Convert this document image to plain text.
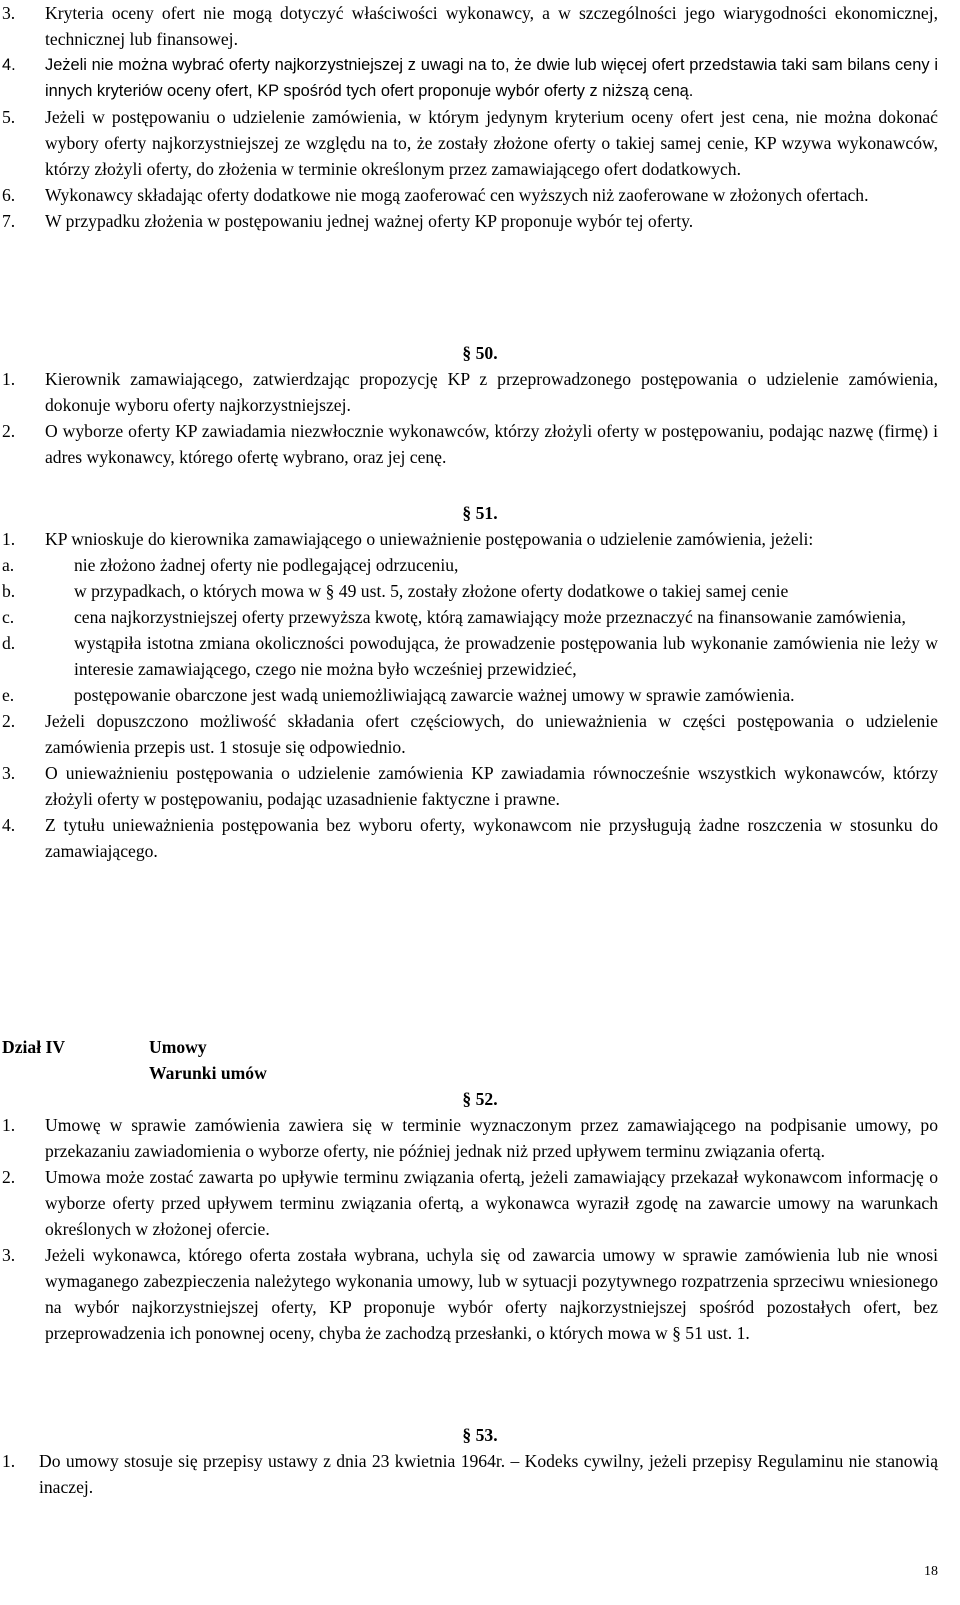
3. Kryteria oceny ofert nie mogą dotyczyć właściwości wykonawcy, a w szczególności jego wiarygodności ekonomicznej, technicznej lub finansowej.
4. Jeżeli nie można wybrać oferty najkorzystniejszej z uwagi na to, że dwie lub więcej ofert przedstawia taki sam bilans ceny i innych kryteriów oceny ofert, KP spośród tych ofert proponuje wybór oferty z niższą ceną.
5. Jeżeli w postępowaniu o udzielenie zamówienia, w którym jedynym kryterium oceny ofert jest cena, nie można dokonać wybory oferty najkorzystniejszej ze względu na to, że zostały złożone oferty o takiej samej cenie, KP wzywa wykonawców, którzy złożyli oferty, do złożenia w terminie określonym przez zamawiającego ofert dodatkowych.
6. Wykonawcy składając oferty dodatkowe nie mogą zaoferować cen wyższych niż zaoferowane w złożonych ofertach.
7. W przypadku złożenia w postępowaniu jednej ważnej oferty KP proponuje wybór tej oferty.
§ 50.
1. Kierownik zamawiającego, zatwierdzając propozycję KP z przeprowadzonego postępowania o udzielenie zamówienia, dokonuje wyboru oferty najkorzystniejszej.
2. O wyborze oferty KP zawiadamia niezwłocznie wykonawców, którzy złożyli oferty w postępowaniu, podając nazwę (firmę) i adres wykonawcy, którego ofertę wybrano, oraz jej cenę.
§ 51.
1. KP wnioskuje do kierownika zamawiającego o unieważnienie postępowania o udzielenie zamówienia, jeżeli:
a.	nie złożono żadnej oferty nie podlegającej odrzuceniu,
b.	w przypadkach, o których mowa w § 49 ust. 5, zostały złożone oferty dodatkowe o takiej samej cenie
c.	cena najkorzystniejszej oferty przewyższa kwotę, którą zamawiający może przeznaczyć na finansowanie zamówienia,
d.	wystąpiła istotna zmiana okoliczności powodująca, że prowadzenie postępowania lub wykonanie zamówienia nie leży w interesie zamawiającego, czego nie można było wcześniej przewidzieć,
e.	postępowanie obarczone jest wadą uniemożliwiającą zawarcie ważnej umowy w sprawie zamówienia.
2. Jeżeli dopuszczono możliwość składania ofert częściowych, do unieważnienia w części postępowania o udzielenie zamówienia przepis ust. 1 stosuje się odpowiednio.
3. O unieważnieniu postępowania o udzielenie zamówienia KP zawiadamia równocześnie wszystkich wykonawców, którzy złożyli oferty w postępowaniu, podając uzasadnienie faktyczne i prawne.
4. Z tytułu unieważnienia postępowania bez wyboru oferty, wykonawcom nie przysługują żadne roszczenia w stosunku do zamawiającego.
Dział IV	Umowy
Warunki umów
§ 52.
1. Umowę w sprawie zamówienia zawiera się w terminie wyznaczonym przez zamawiającego na podpisanie umowy, po przekazaniu zawiadomienia o wyborze oferty, nie później jednak niż przed upływem terminu związania ofertą.
2. Umowa może zostać zawarta po upływie terminu związania ofertą, jeżeli zamawiający przekazał wykonawcom informację o wyborze oferty przed upływem terminu związania ofertą, a wykonawca wyraził zgodę na zawarcie umowy na warunkach określonych w złożonej ofercie.
3. Jeżeli wykonawca, którego oferta została wybrana, uchyla się od zawarcia umowy w sprawie zamówienia lub nie wnosi wymaganego zabezpieczenia należytego wykonania umowy, lub w sytuacji pozytywnego rozpatrzenia sprzeciwu wniesionego na wybór najkorzystniejszej oferty, KP proponuje wybór oferty najkorzystniejszej spośród pozostałych ofert, bez przeprowadzenia ich ponownej oceny, chyba że zachodzą przesłanki, o których mowa w § 51 ust. 1.
§ 53.
1. Do umowy stosuje się przepisy ustawy z dnia 23 kwietnia 1964r. – Kodeks cywilny, jeżeli przepisy Regulaminu nie stanowią inaczej.
18
